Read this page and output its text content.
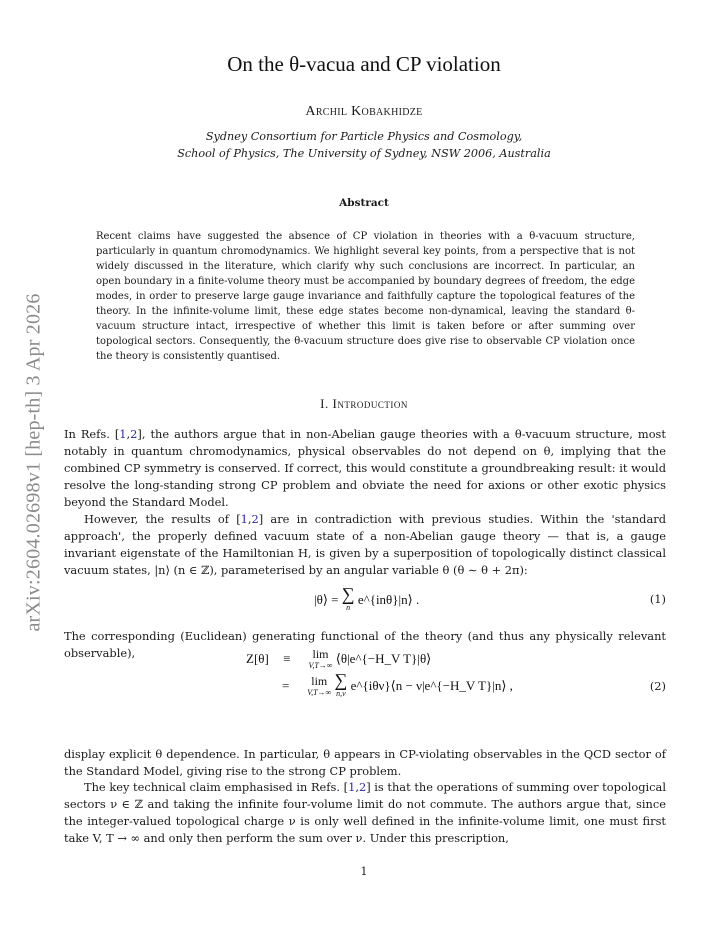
arXiv:2604.02698v1 [hep-th] 3 Apr 2026
On the θ-vacua and CP violation
Archil Kobakhidze
Sydney Consortium for Particle Physics and Cosmology,
School of Physics, The University of Sydney, NSW 2006, Australia
Abstract
Recent claims have suggested the absence of CP violation in theories with a θ-vacuum structure, particularly in quantum chromodynamics. We highlight several key points, from a perspective that is not widely discussed in the literature, which clarify why such conclusions are incorrect. In particular, an open boundary in a finite-volume theory must be accompanied by boundary degrees of freedom, the edge modes, in order to preserve large gauge invariance and faithfully capture the topological features of the theory. In the infinite-volume limit, these edge states become non-dynamical, leaving the standard θ-vacuum structure intact, irrespective of whether this limit is taken before or after summing over topological sectors. Consequently, the θ-vacuum structure does give rise to observable CP violation once the theory is consistently quantised.
I. Introduction
In Refs. [1,2], the authors argue that in non-Abelian gauge theories with a θ-vacuum structure, most notably in quantum chromodynamics, physical observables do not depend on θ, implying that the combined CP symmetry is conserved. If correct, this would constitute a groundbreaking result: it would resolve the long-standing strong CP problem and obviate the need for axions or other exotic physics beyond the Standard Model.
However, the results of [1,2] are in contradiction with previous studies. Within the 'standard approach', the properly defined vacuum state of a non-Abelian gauge theory — that is, a gauge invariant eigenstate of the Hamiltonian H, is given by a superposition of topologically distinct classical vacuum states, |n⟩ (n ∈ ℤ), parameterised by an angular variable θ (θ ∼ θ + 2π):
|θ⟩ = ∑
n e^{inθ}|n⟩ .	(1)
The corresponding (Euclidean) generating functional of the theory (and thus any physically relevant observable),	Z[θ] ≡ lim
V,T→∞ ⟨θ|e^{−H_V T}|θ⟩
= lim
V,T→∞ ∑
n,ν e^{iθν}⟨n − ν|e^{−H_V T}|n⟩ ,	(2)
display explicit θ dependence. In particular, θ appears in CP-violating observables in the QCD sector of the Standard Model, giving rise to the strong CP problem.
The key technical claim emphasised in Refs. [1,2] is that the operations of summing over topological sectors ν ∈ ℤ and taking the infinite four-volume limit do not commute. The authors argue that, since the integer-valued topological charge ν is only well defined in the infinite-volume limit, one must first take V, T → ∞ and only then perform the sum over ν. Under this prescription,
1
